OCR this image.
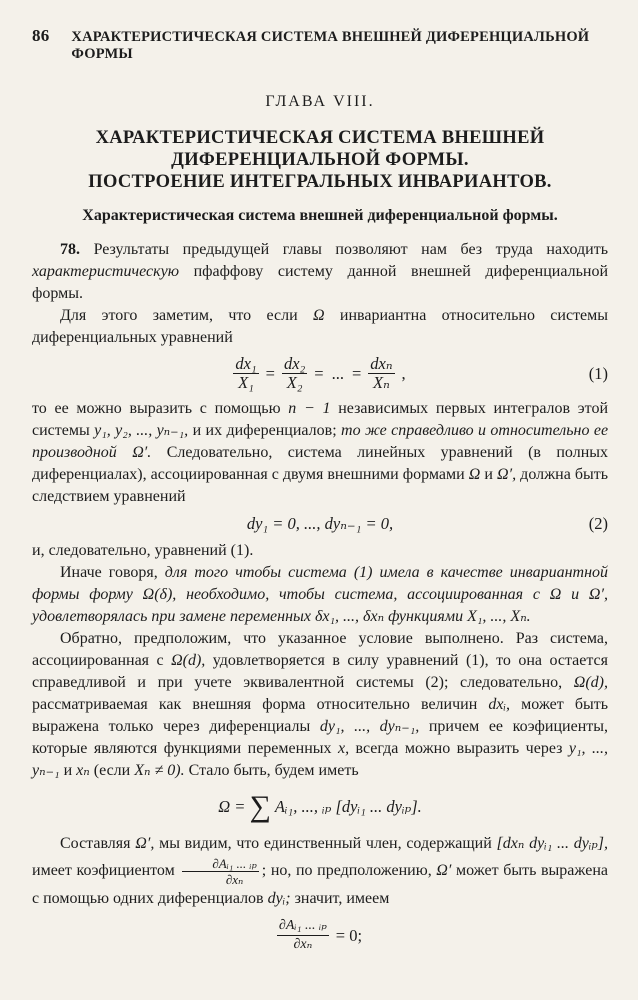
86 ХАРАКТЕРИСТИЧЕСКАЯ СИСТЕМА ВНЕШНЕЙ ДИФЕРЕНЦИАЛЬНОЙ ФОРМЫ
ГЛАВА VIII.
ХАРАКТЕРИСТИЧЕСКАЯ СИСТЕМА ВНЕШНЕЙ
ДИФЕРЕНЦИАЛЬНОЙ ФОРМЫ.
ПОСТРОЕНИЕ ИНТЕГРАЛЬНЫХ ИНВАРИАНТОВ.
Характеристическая система внешней диференциальной формы.

78. Результаты предыдущей главы позволяют нам без труда находить характеристическую пфаффову систему данной внешней диференциальной формы.

Для этого заметим, что если Ω инвариантна относительно системы диференциальных уравнений

$\frac{\text{dx₁}}{\text{X₁}} = \frac{\text{dx₂}}{\text{X₂}}$ = ... = $\frac{\text{dxₙ}}{\text{Xₙ}}$ ,	(1)

то ее можно выразить с помощью n − 1 независимых первых интегралов этой системы y₁, y₂, ..., yₙ₋₁, и их диференциалов; то же справедливо и относительно ее производной Ω′. Следовательно, система линейных уравнений (в полных диференциалах), ассоциированная с двумя внешними формами Ω и Ω′, должна быть следствием уравнений

dy₁ = 0, ..., dyₙ₋₁ = 0,	(2)

и, следовательно, уравнений (1).

Иначе говоря, для того чтобы система (1) имела в качестве инвариантной формы форму Ω(δ), необходимо, чтобы система, ассоциированная с Ω и Ω′, удовлетворялась при замене переменных δx₁, ..., δxₙ функциями X₁, ..., Xₙ.

Обратно, предположим, что указанное условие выполнено. Раз система, ассоциированная с Ω(d), удовлетворяется в силу уравнений (1), то она остается справедливой и при учете эквивалентной системы (2); следовательно, Ω(d), рассматриваемая как внешняя форма относительно величин dxᵢ, может быть выражена только через диференциалы dy₁, ..., dyₙ₋₁, причем ее коэфициенты, которые являются функциями переменных x, всегда можно выразить через y₁, ..., yₙ₋₁ и xₙ (если Xₙ ≠ 0). Стало быть, будем иметь

Ω = ∑ Aᵢ₁, ..., ᵢₚ [dyᵢ₁ ... dyᵢₚ].

Составляя Ω′, мы видим, что единственный член, содержащий [dxₙ dyᵢ₁ ... dyᵢₚ], имеет коэфициентом $\frac{\text{∂Aᵢ₁ ... ᵢₚ}}{\text{∂xₙ}}$ ; но, по предположению, Ω′ может быть выражена с помощью одних диференциалов dyᵢ; значит, имеем

$\frac{\text{∂Aᵢ₁ ... ᵢₚ}}{\text{∂xₙ}} = 0$;
